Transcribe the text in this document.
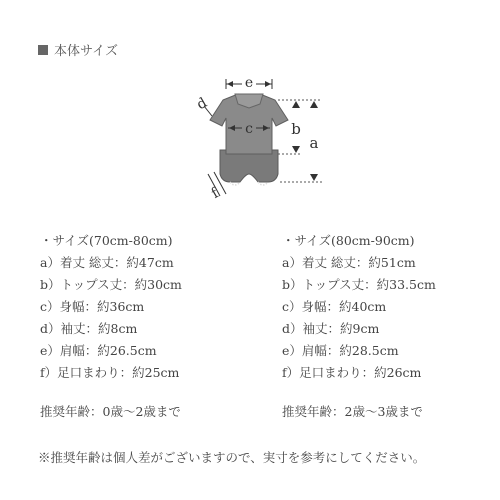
本体サイズ
e
d
c	b
a
f
・サイズ(70cm-80cm)
a）着丈 総丈：約47cm
b）トップス丈：約30cm
c）身幅：約36cm
d）袖丈：約8cm
e）肩幅：約26.5cm
f）足口まわり：約25cm
・サイズ(80cm-90cm)
a）着丈 総丈：約51cm
b）トップス丈：約33.5cm
c）身幅：約40cm
d）袖丈：約9cm
e）肩幅：約28.5cm
f）足口まわり：約26cm
推奨年齢：0歳〜2歳まで	推奨年齢：2歳〜3歳まで
※推奨年齢は個人差がございますので、実寸を参考にしてください。
